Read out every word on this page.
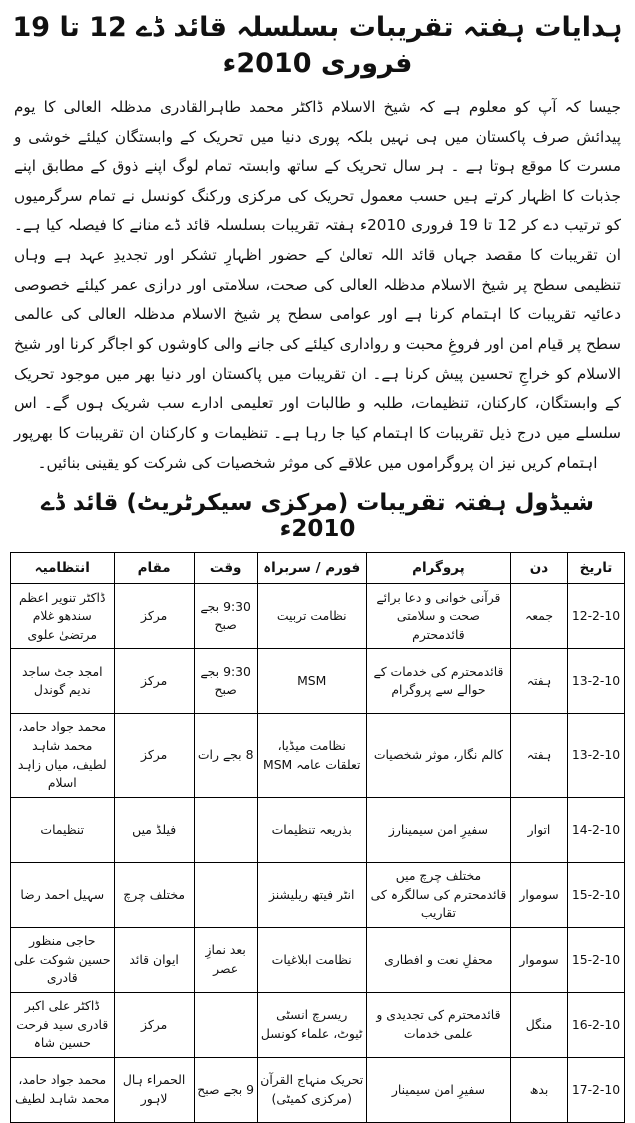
ہدایات ہفتہ تقریبات بسلسلہ قائد ڈے 12 تا 19 فروری 2010ء
جیسا کہ آپ کو معلوم ہے کہ شیخ الاسلام ڈاکٹر محمد طاہرالقادری مدظلہ العالی کا یوم پیدائش صرف پاکستان میں ہی نہیں بلکہ پوری دنیا میں تحریک کے وابستگان کیلئے خوشی و مسرت کا موقع ہوتا ہے ۔ ہر سال تحریک کے ساتھ وابستہ تمام لوگ اپنے ذوق کے مطابق اپنے جذبات کا اظہار کرتے ہیں حسب معمول تحریک کی مرکزی ورکنگ کونسل نے تمام سرگرمیوں کو ترتیب دے کر 12 تا 19 فروری 2010ء ہفتہ تقریبات بسلسلہ قائد ڈے منانے کا فیصلہ کیا ہے۔ ان تقریبات کا مقصد جہاں قائد اللہ تعالیٰ کے حضور اظہارِ تشکر اور تجدیدِ عہد ہے وہاں تنظیمی سطح پر شیخ الاسلام مدظلہ العالی کی صحت، سلامتی اور درازی عمر کیلئے خصوصی دعائیہ تقریبات کا اہتمام کرنا ہے اور عوامی سطح پر شیخ الاسلام مدظلہ العالی کی عالمی سطح پر قیام امن اور فروغِ محبت و رواداری کیلئے کی جانے والی کاوشوں کو اجاگر کرنا اور شیخ الاسلام کو خراجِ تحسین پیش کرنا ہے۔ ان تقریبات میں پاکستان اور دنیا بھر میں موجود تحریک کے وابستگان، کارکنان، تنظیمات، طلبہ و طالبات اور تعلیمی ادارے سب شریک ہوں گے۔ اس سلسلے میں درج ذیل تقریبات کا اہتمام کیا جا رہا ہے۔ تنظیمات و کارکنان ان تقریبات کا بھرپور اہتمام کریں نیز ان پروگراموں میں علاقے کی موثر شخصیات کی شرکت کو یقینی بنائیں۔
شیڈول ہفتہ تقریبات (مرکزی سیکرٹریٹ) قائد ڈے 2010ء
تاریخ	دن	پروگرام	فورم / سربراہ	وقت	مقام	انتظامیہ
12-2-10	جمعہ	قرآنی خوانی و دعا برائے صحت و سلامتی قائدمحترم	نظامت تربیت	9:30 بجے صبح	مرکز	ڈاکٹر تنویر اعظم سندھو غلام مرتضیٰ علوی
13-2-10	ہفتہ	قائدمحترم کی خدمات کے حوالے سے پروگرام	MSM	9:30 بجے صبح	مرکز	امجد جٹ ساجد ندیم گوندل
13-2-10	ہفتہ	کالم نگار، موثر شخصیات	نظامت میڈیا، تعلقات عامہ MSM	8 بجے رات	مرکز	محمد جواد حامد، محمد شاہد لطیف، میاں زاہد اسلام
14-2-10	اتوار	سفیرِ امن سیمینارز	بذریعہ تنظیمات		فیلڈ میں	تنظیمات
15-2-10	سوموار	مختلف چرچ میں قائدمحترم کی سالگرہ کی تقاریب	انٹر فیتھ ریلیشنز		مختلف چرچ	سہیل احمد رضا
15-2-10	سوموار	محفلِ نعت و افطاری	نظامت ابلاغیات	بعد نمازِ عصر	ایوان قائد	حاجی منظور حسین شوکت علی قادری
16-2-10	منگل	قائدمحترم کی تجدیدی و علمی خدمات	ریسرچ انسٹی ٹیوٹ، علماء کونسل		مرکز	ڈاکٹر علی اکبر قادری سید فرحت حسین شاہ
17-2-10	بدھ	سفیرِ امن سیمینار	تحریک منہاج القرآن (مرکزی کمیٹی)	9 بجے صبح	الحمراء ہال لاہور	محمد جواد حامد، محمد شاہد لطیف
